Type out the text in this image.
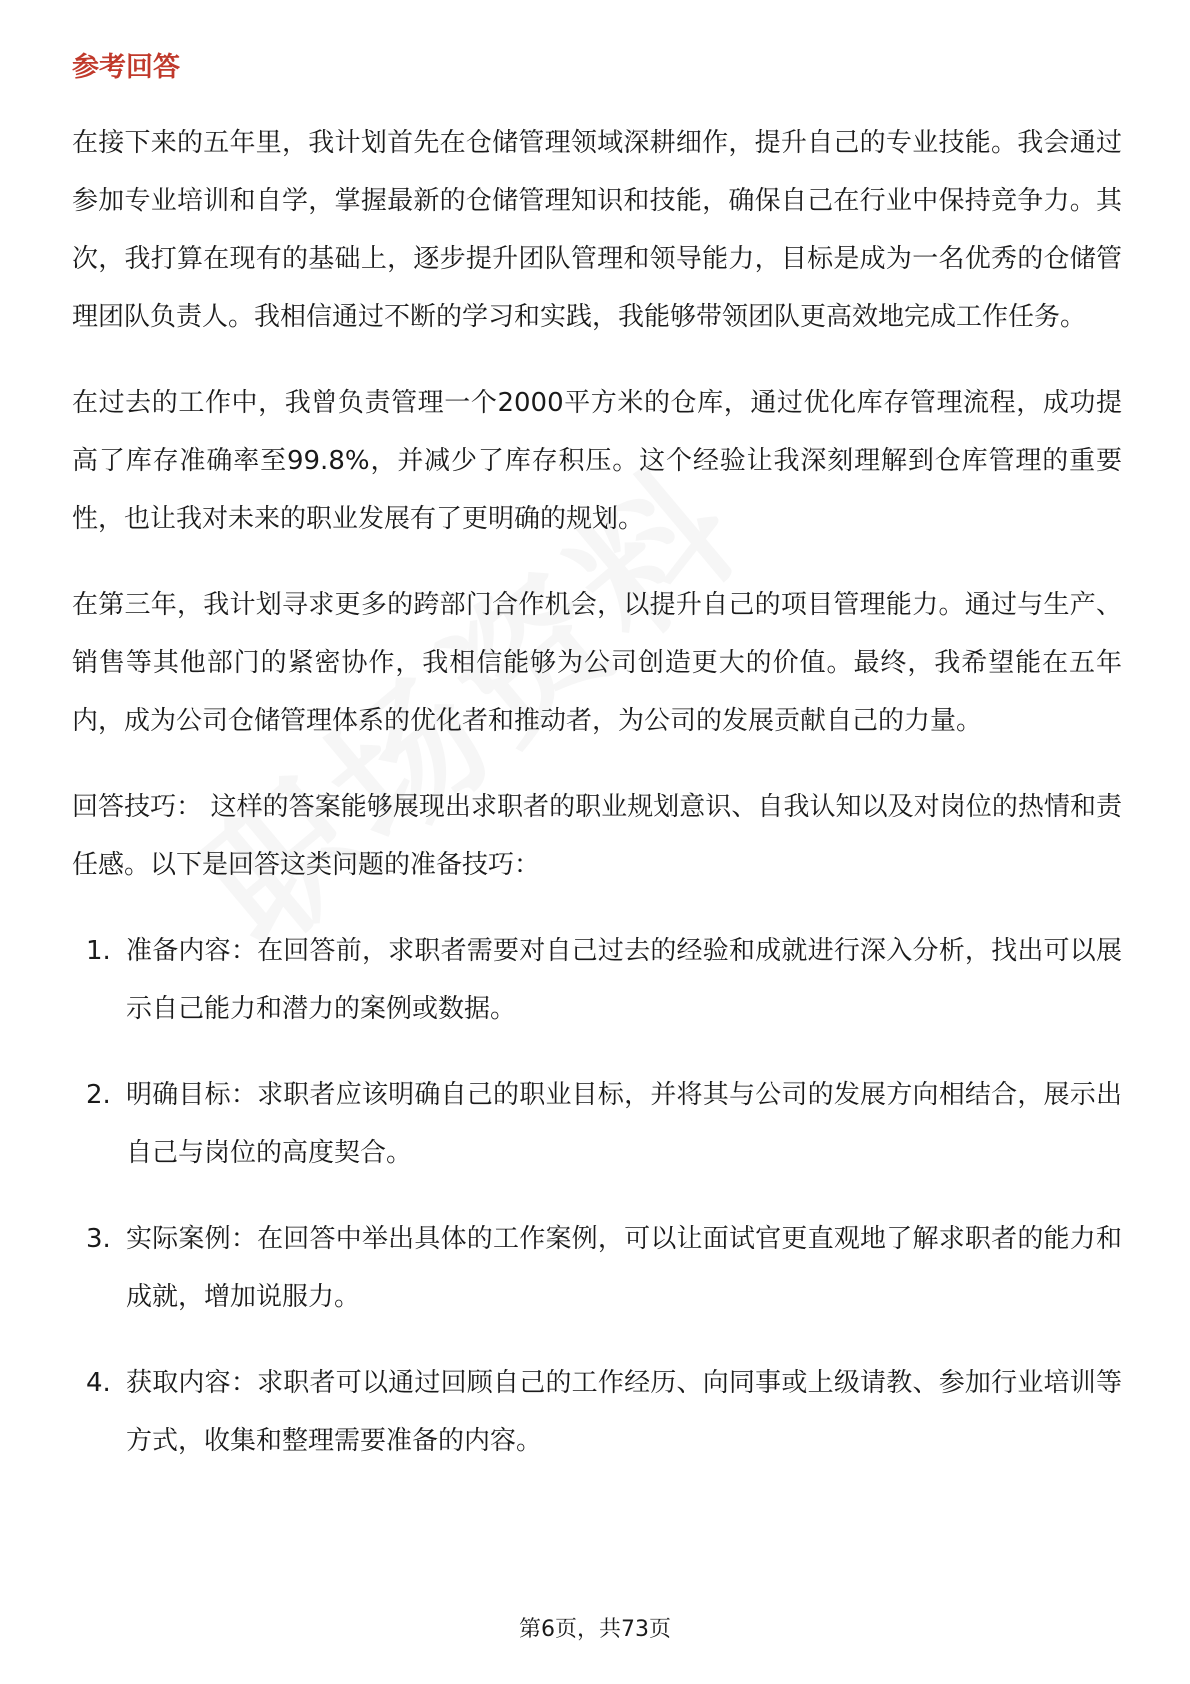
参考回答

在接下来的五年里，我计划首先在仓储管理领域深耕细作，提升自己的专业技能。我会通过参加专业培训和自学，掌握最新的仓储管理知识和技能，确保自己在行业中保持竞争力。其次，我打算在现有的基础上，逐步提升团队管理和领导能力，目标是成为一名优秀的仓储管理团队负责人。我相信通过不断的学习和实践，我能够带领团队更高效地完成工作任务。

在过去的工作中，我曾负责管理一个2000平方米的仓库，通过优化库存管理流程，成功提高了库存准确率至99.8%，并减少了库存积压。这个经验让我深刻理解到仓库管理的重要性，也让我对未来的职业发展有了更明确的规划。

在第三年，我计划寻求更多的跨部门合作机会，以提升自己的项目管理能力。通过与生产、销售等其他部门的紧密协作，我相信能够为公司创造更大的价值。最终，我希望能在五年内，成为公司仓储管理体系的优化者和推动者，为公司的发展贡献自己的力量。

回答技巧： 这样的答案能够展现出求职者的职业规划意识、自我认知以及对岗位的热情和责任感。以下是回答这类问题的准备技巧：

1. 准备内容：在回答前，求职者需要对自己过去的经验和成就进行深入分析，找出可以展示自己能力和潜力的案例或数据。
2. 明确目标：求职者应该明确自己的职业目标，并将其与公司的发展方向相结合，展示出自己与岗位的高度契合。
3. 实际案例：在回答中举出具体的工作案例，可以让面试官更直观地了解求职者的能力和成就，增加说服力。
4. 获取内容：求职者可以通过回顾自己的工作经历、向同事或上级请教、参加行业培训等方式，收集和整理需要准备的内容。
第6页，共73页
